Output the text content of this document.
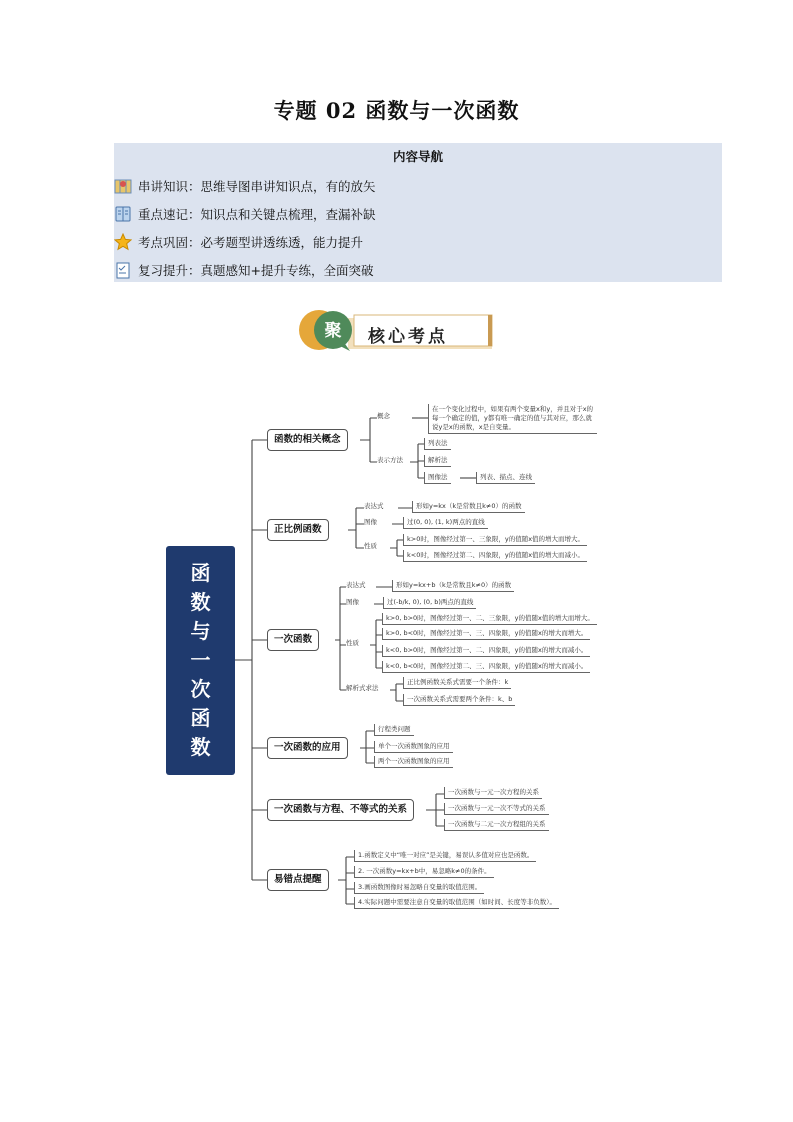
专题 02 函数与一次函数
内容导航
串讲知识：思维导图串讲知识点，有的放矢
重点速记：知识点和关键点梳理，查漏补缺
考点巩固：必考题型讲透练透，能力提升
复习提升：真题感知+提升专练，全面突破
聚	核心考点
函
数
与
一
次
函
数
函数的相关概念
概念
在一个变化过程中，如果有两个变量x和y，并且对于x的每一个确定的值，y都有唯一确定的值与其对应，那么就说y是x的函数，x是自变量。
表示方法
列表法
解析法
图像法	列表、描点、连线
正比例函数
表达式	形如y=kx（k是常数且k≠0）的函数
图像	过(0, 0), (1, k)两点的直线
性质
k>0时，图像经过第一、三象限，y的值随x值的增大而增大。
k<0时，图像经过第二、四象限，y的值随x值的增大而减小。
一次函数
表达式	形如y=kx+b（k是常数且k≠0）的函数
图像	过(-b/k, 0), (0, b)两点的直线
性质
k>0, b>0时，图像经过第一、二、三象限，y的值随x值的增大而增大。
k>0, b<0时，图像经过第一、三、四象限，y的值随x的增大而增大。
k<0, b>0时，图像经过第一、二、四象限，y的值随x的增大而减小。
k<0, b<0时，图像经过第二、三、四象限，y的值随x的增大而减小。
解析式求法
正比例函数关系式需要一个条件：k
一次函数关系式需要两个条件：k、b
一次函数的应用
行程类问题
单个一次函数图象的应用
两个一次函数图象的应用
一次函数与方程、不等式的关系
一次函数与一元一次方程的关系
一次函数与一元一次不等式的关系
一次函数与二元一次方程组的关系
易错点提醒
1.函数定义中“唯一对应”是关键，易误认多值对应也是函数。
2. 一次函数y=kx+b中，易忽略k≠0的条件。
3.画函数图像时易忽略自变量的取值范围。
4.实际问题中需要注意自变量的取值范围（如时间、长度等非负数）。
